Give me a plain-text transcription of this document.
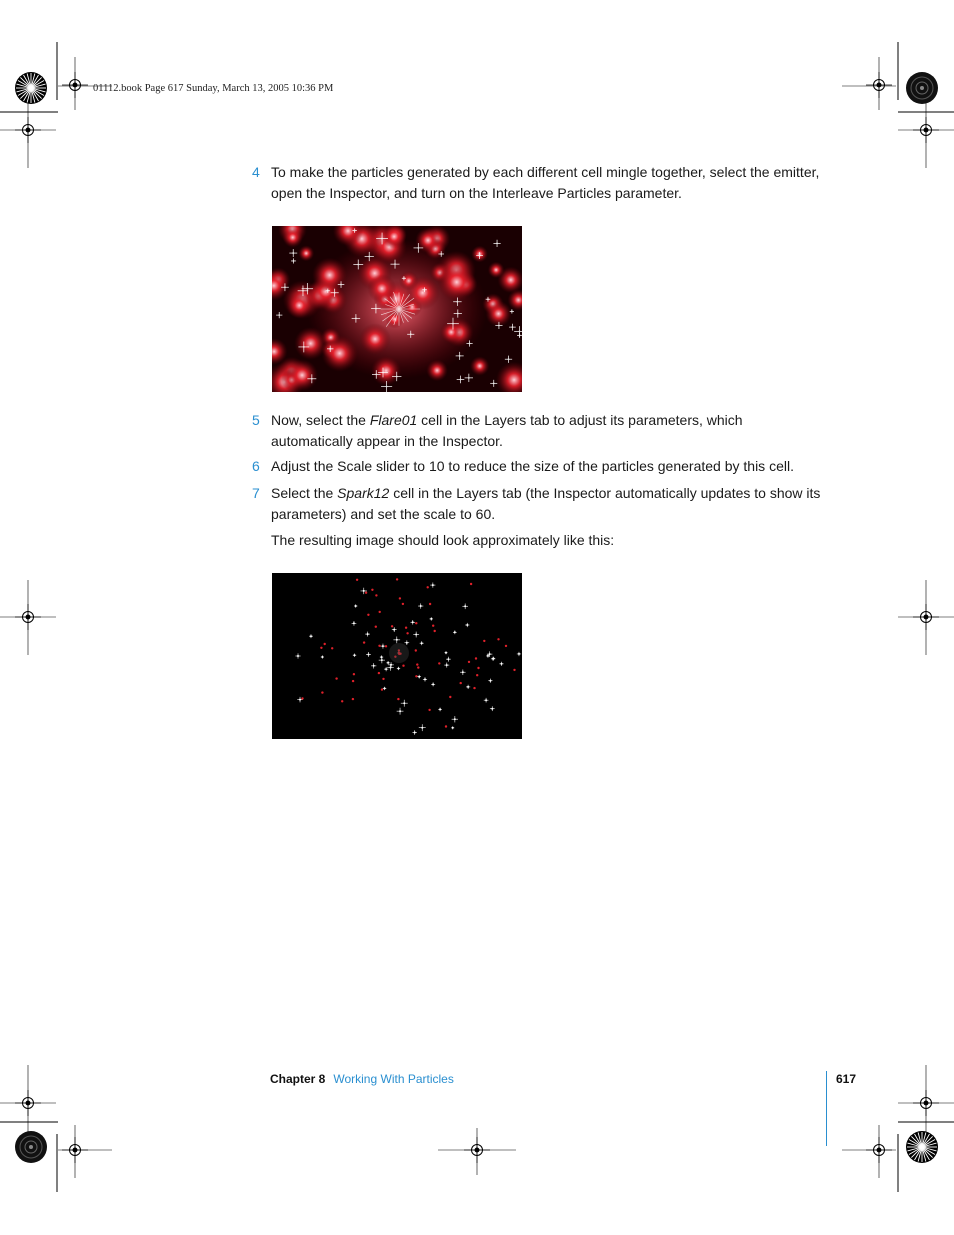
01112.book Page 617 Sunday, March 13, 2005 10:36 PM
4 To make the particles generated by each different cell mingle together, select the emitter, open the Inspector, and turn on the Interleave Particles parameter.
5 Now, select the Flare01 cell in the Layers tab to adjust its parameters, which automatically appear in the Inspector.
6 Adjust the Scale slider to 10 to reduce the size of the particles generated by this cell.
7 Select the Spark12 cell in the Layers tab (the Inspector automatically updates to show its parameters) and set the scale to 60.
The resulting image should look approximately like this:
Chapter 8 Working With Particles	617
